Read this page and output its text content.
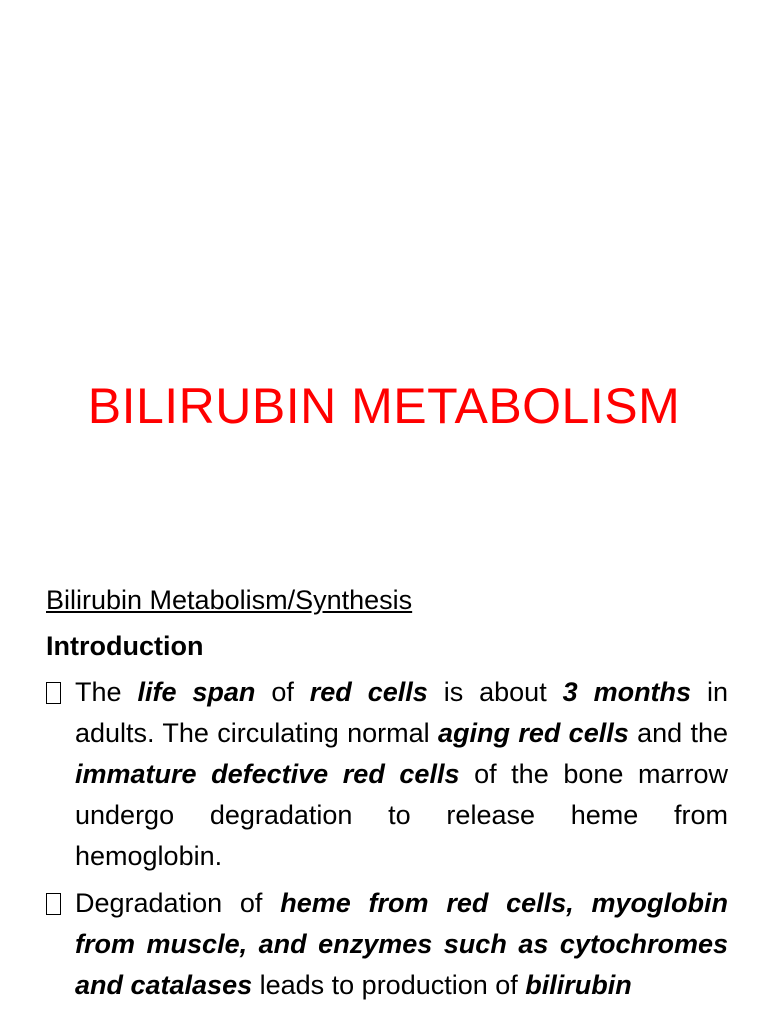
BILIRUBIN METABOLISM

Bilirubin Metabolism/Synthesis

Introduction

The life span of red cells is about 3 months in adults. The circulating normal aging red cells and the immature defective red cells of the bone marrow undergo degradation to release heme from hemoglobin.

Degradation of heme from red cells, myoglobin from muscle, and enzymes such as cytochromes and catalases leads to production of bilirubin
